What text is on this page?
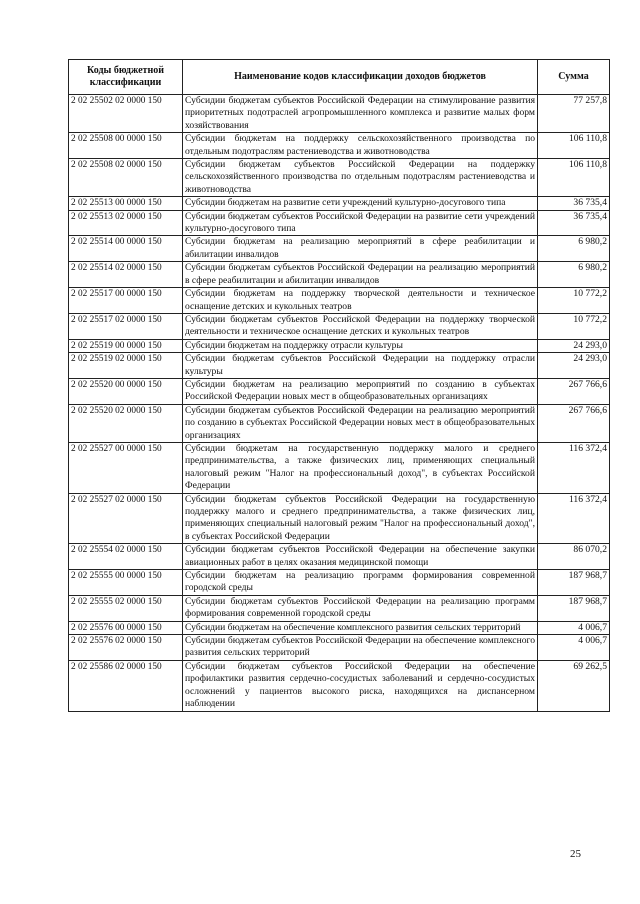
Коды бюджетной классификации	Наименование кодов классификации доходов бюджетов	Сумма
2 02 25502 02 0000 150	Субсидии бюджетам субъектов Российской Федерации на стимулирование развития приоритетных подотраслей агропромышленного комплекса и развитие малых форм хозяйствования	77 257,8
2 02 25508 00 0000 150	Субсидии бюджетам на поддержку сельскохозяйственного производства по отдельным подотраслям растениеводства и животноводства	106 110,8
2 02 25508 02 0000 150	Субсидии бюджетам субъектов Российской Федерации на поддержку сельскохозяйственного производства по отдельным подотраслям растениеводства и животноводства	106 110,8
2 02 25513 00 0000 150	Субсидии бюджетам на развитие сети учреждений культурно-досугового типа	36 735,4
2 02 25513 02 0000 150	Субсидии бюджетам субъектов Российской Федерации на развитие сети учреждений культурно-досугового типа	36 735,4
2 02 25514 00 0000 150	Субсидии бюджетам на реализацию мероприятий в сфере реабилитации и абилитации инвалидов	6 980,2
2 02 25514 02 0000 150	Субсидии бюджетам субъектов Российской Федерации на реализацию мероприятий в сфере реабилитации и абилитации инвалидов	6 980,2
2 02 25517 00 0000 150	Субсидии бюджетам на поддержку творческой деятельности и техническое оснащение детских и кукольных театров	10 772,2
2 02 25517 02 0000 150	Субсидии бюджетам субъектов Российской Федерации на поддержку творческой деятельности и техническое оснащение детских и кукольных театров	10 772,2
2 02 25519 00 0000 150	Субсидии бюджетам на поддержку отрасли культуры	24 293,0
2 02 25519 02 0000 150	Субсидии бюджетам субъектов Российской Федерации на поддержку отрасли культуры	24 293,0
2 02 25520 00 0000 150	Субсидии бюджетам на реализацию мероприятий по созданию в субъектах Российской Федерации новых мест в общеобразовательных организациях	267 766,6
2 02 25520 02 0000 150	Субсидии бюджетам субъектов Российской Федерации на реализацию мероприятий по созданию в субъектах Российской Федерации новых мест в общеобразовательных организациях	267 766,6
2 02 25527 00 0000 150	Субсидии бюджетам на государственную поддержку малого и среднего предпринимательства, а также физических лиц, применяющих специальный налоговый режим "Налог на профессиональный доход", в субъектах Российской Федерации	116 372,4
2 02 25527 02 0000 150	Субсидии бюджетам субъектов Российской Федерации на государственную поддержку малого и среднего предпринимательства, а также физических лиц, применяющих специальный налоговый режим "Налог на профессиональный доход", в субъектах Российской Федерации	116 372,4
2 02 25554 02 0000 150	Субсидии бюджетам субъектов Российской Федерации на обеспечение закупки авиационных работ в целях оказания медицинской помощи	86 070,2
2 02 25555 00 0000 150	Субсидии бюджетам на реализацию программ формирования современной городской среды	187 968,7
2 02 25555 02 0000 150	Субсидии бюджетам субъектов Российской Федерации на реализацию программ формирования современной городской среды	187 968,7
2 02 25576 00 0000 150	Субсидии бюджетам на обеспечение комплексного развития сельских территорий	4 006,7
2 02 25576 02 0000 150	Субсидии бюджетам субъектов Российской Федерации на обеспечение комплексного развития сельских территорий	4 006,7
2 02 25586 02 0000 150	Субсидии бюджетам субъектов Российской Федерации на обеспечение профилактики развития сердечно-сосудистых заболеваний и сердечно-сосудистых осложнений у пациентов высокого риска, находящихся на диспансерном наблюдении	69 262,5
25
